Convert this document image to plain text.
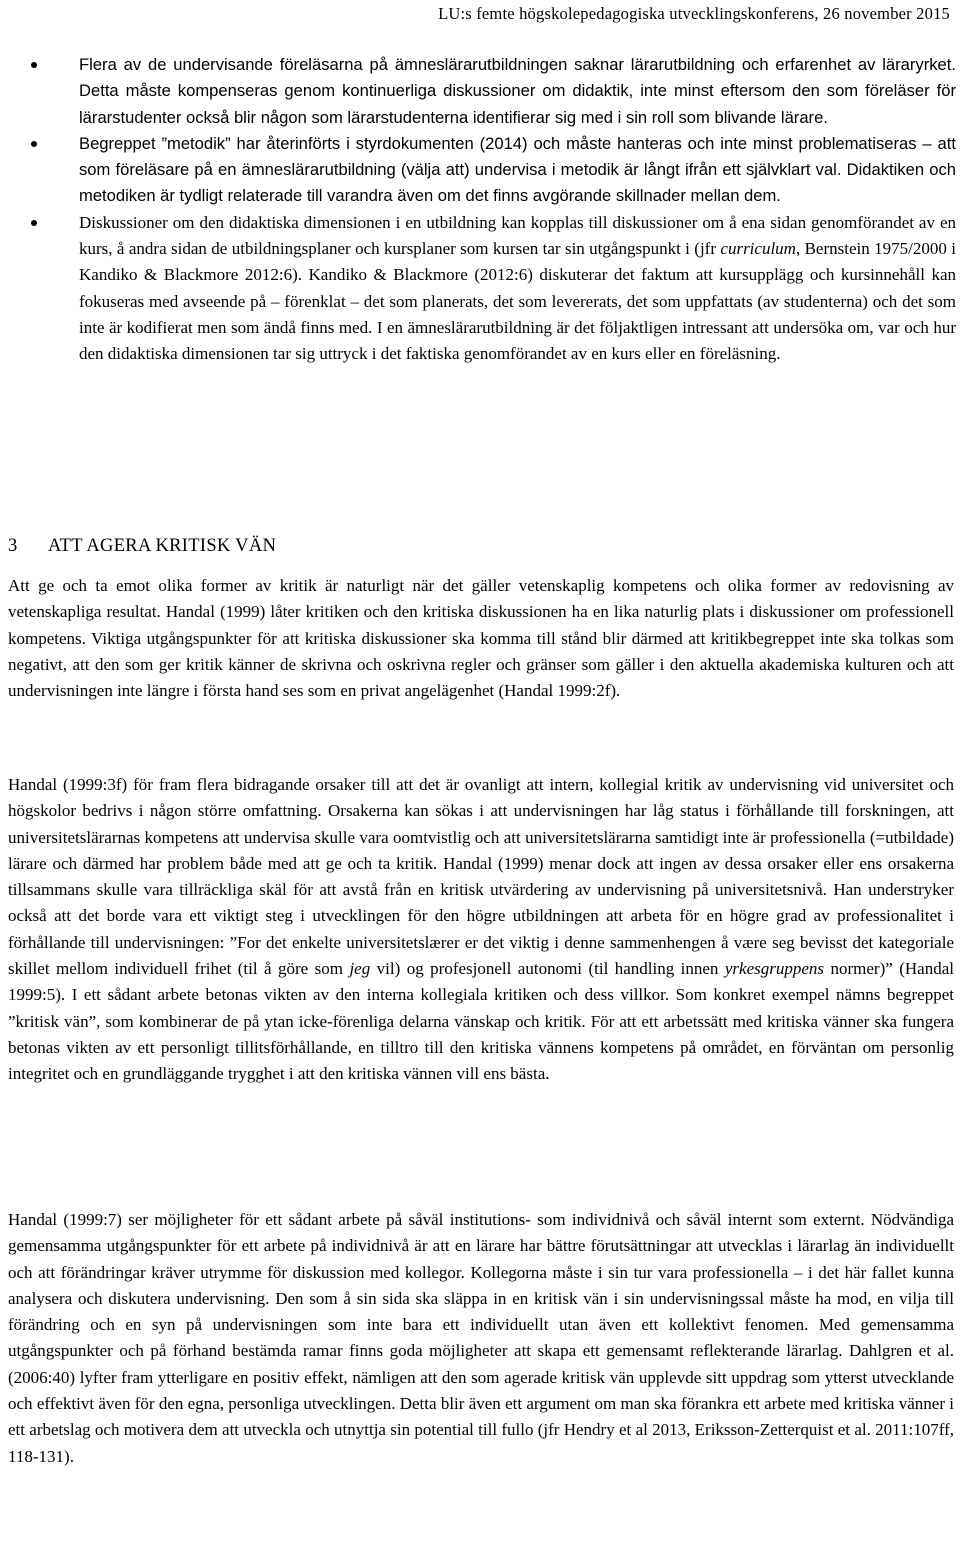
LU:s femte högskolepedagogiska utvecklingskonferens, 26 november 2015
Flera av de undervisande föreläsarna på ämneslärarutbildningen saknar lärarutbildning och erfarenhet av läraryrket. Detta måste kompenseras genom kontinuerliga diskussioner om didaktik, inte minst eftersom den som föreläser för lärarstudenter också blir någon som lärarstudenterna identifierar sig med i sin roll som blivande lärare.
Begreppet ”metodik” har återinförts i styrdokumenten (2014) och måste hanteras och inte minst problematiseras – att som föreläsare på en ämneslärarutbildning (välja att) undervisa i metodik är långt ifrån ett självklart val. Didaktiken och metodiken är tydligt relaterade till varandra även om det finns avgörande skillnader mellan dem.
Diskussioner om den didaktiska dimensionen i en utbildning kan kopplas till diskussioner om å ena sidan genomförandet av en kurs, å andra sidan de utbildningsplaner och kursplaner som kursen tar sin utgångspunkt i (jfr curriculum, Bernstein 1975/2000 i Kandiko & Blackmore 2012:6). Kandiko & Blackmore (2012:6) diskuterar det faktum att kursupplägg och kursinnehåll kan fokuseras med avseende på – förenklat – det som planerats, det som levererats, det som uppfattats (av studenterna) och det som inte är kodifierat men som ändå finns med. I en ämneslärarutbildning är det följaktligen intressant att undersöka om, var och hur den didaktiska dimensionen tar sig uttryck i det faktiska genomförandet av en kurs eller en föreläsning.
3 ATT AGERA KRITISK VÄN

Att ge och ta emot olika former av kritik är naturligt när det gäller vetenskaplig kompetens och olika former av redovisning av vetenskapliga resultat. Handal (1999) låter kritiken och den kritiska diskussionen ha en lika naturlig plats i diskussioner om professionell kompetens. Viktiga utgångspunkter för att kritiska diskussioner ska komma till stånd blir därmed att kritikbegreppet inte ska tolkas som negativt, att den som ger kritik känner de skrivna och oskrivna regler och gränser som gäller i den aktuella akademiska kulturen och att undervisningen inte längre i första hand ses som en privat angelägenhet (Handal 1999:2f).

Handal (1999:3f) för fram flera bidragande orsaker till att det är ovanligt att intern, kollegial kritik av undervisning vid universitet och högskolor bedrivs i någon större omfattning. Orsakerna kan sökas i att undervisningen har låg status i förhållande till forskningen, att universitetslärarnas kompetens att undervisa skulle vara oomtvistlig och att universitetslärarna samtidigt inte är professionella (=utbildade) lärare och därmed har problem både med att ge och ta kritik. Handal (1999) menar dock att ingen av dessa orsaker eller ens orsakerna tillsammans skulle vara tillräckliga skäl för att avstå från en kritisk utvärdering av undervisning på universitetsnivå. Han understryker också att det borde vara ett viktigt steg i utvecklingen för den högre utbildningen att arbeta för en högre grad av professionalitet i förhållande till undervisningen: ”For det enkelte universitetslærer er det viktig i denne sammenhengen å være seg bevisst det kategoriale skillet mellom individuell frihet (til å göre som jeg vil) og profesjonell autonomi (til handling innen yrkesgruppens normer)” (Handal 1999:5). I ett sådant arbete betonas vikten av den interna kollegiala kritiken och dess villkor. Som konkret exempel nämns begreppet ”kritisk vän”, som kombinerar de på ytan icke-förenliga delarna vänskap och kritik. För att ett arbetssätt med kritiska vänner ska fungera betonas vikten av ett personligt tillitsförhållande, en tilltro till den kritiska vännens kompetens på området, en förväntan om personlig integritet och en grundläggande trygghet i att den kritiska vännen vill ens bästa.

Handal (1999:7) ser möjligheter för ett sådant arbete på såväl institutions- som individnivå och såväl internt som externt. Nödvändiga gemensamma utgångspunkter för ett arbete på individnivå är att en lärare har bättre förutsättningar att utvecklas i lärarlag än individuellt och att förändringar kräver utrymme för diskussion med kollegor. Kollegorna måste i sin tur vara professionella – i det här fallet kunna analysera och diskutera undervisning. Den som å sin sida ska släppa in en kritisk vän i sin undervisningssal måste ha mod, en vilja till förändring och en syn på undervisningen som inte bara ett individuellt utan även ett kollektivt fenomen. Med gemensamma utgångspunkter och på förhand bestämda ramar finns goda möjligheter att skapa ett gemensamt reflekterande lärarlag. Dahlgren et al. (2006:40) lyfter fram ytterligare en positiv effekt, nämligen att den som agerade kritisk vän upplevde sitt uppdrag som ytterst utvecklande och effektivt även för den egna, personliga utvecklingen. Detta blir även ett argument om man ska förankra ett arbete med kritiska vänner i ett arbetslag och motivera dem att utveckla och utnyttja sin potential till fullo (jfr Hendry et al 2013, Eriksson-Zetterquist et al. 2011:107ff, 118-131).
